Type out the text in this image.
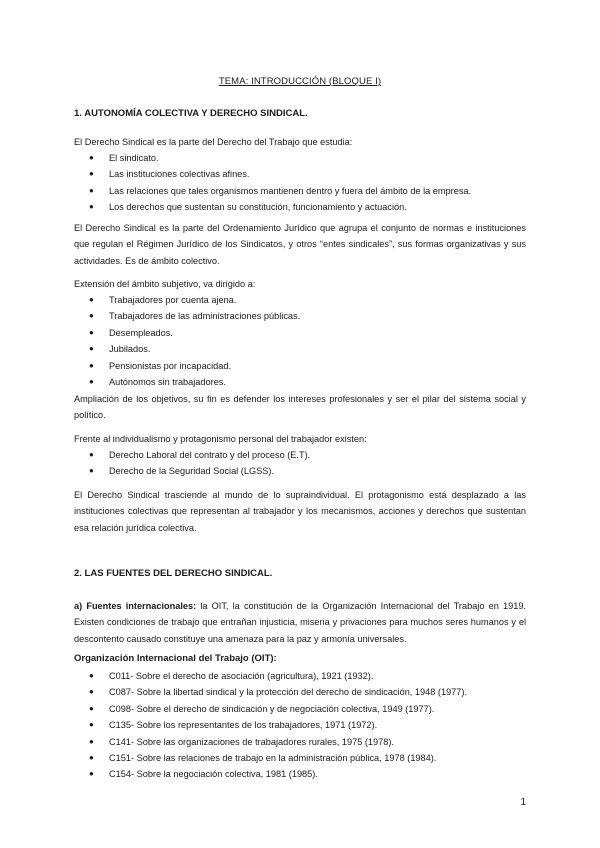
TEMA: INTRODUCCIÓN (BLOQUE I)
1. AUTONOMÍA COLECTIVA Y DERECHO SINDICAL.

El Derecho Sindical es la parte del Derecho del Trabajo que estudia:

● El sindicato.
● Las instituciones colectivas afines.
● Las relaciones que tales organismos mantienen dentro y fuera del ámbito de la empresa.
● Los derechos que sustentan su constitución, funcionamiento y actuación.

El Derecho Sindical es la parte del Ordenamiento Jurídico que agrupa el conjunto de normas e instituciones que regulan el Régimen Jurídico de los Sindicatos, y otros “entes sindicales”, sus formas organizativas y sus actividades. Es de ámbito colectivo.

Extensión del ámbito subjetivo, va dirigido a:

● Trabajadores por cuenta ajena.
● Trabajadores de las administraciones públicas.
● Desempleados.
● Jubilados.
● Pensionistas por incapacidad.
● Autónomos sin trabajadores.

Ampliación de los objetivos, su fin es defender los intereses profesionales y ser el pilar del sistema social y político.

Frente al individualismo y protagonismo personal del trabajador existen:

● Derecho Laboral del contrato y del proceso (E.T).
● Derecho de la Seguridad Social (LGSS).

El Derecho Sindical trasciende al mundo de lo supraindividual. El protagonismo está desplazado a las instituciones colectivas que representan al trabajador y los mecanismos, acciones y derechos que sustentan esa relación jurídica colectiva.

2. LAS FUENTES DEL DERECHO SINDICAL.

a) Fuentes internacionales: la OIT, la constitución de la Organización Internacional del Trabajo en 1919. Existen condiciones de trabajo que entrañan injusticia, miseria y privaciones para muchos seres humanos y el descontento causado constituye una amenaza para la paz y armonía universales.

Organización Internacional del Trabajo (OIT):
● C011- Sobre el derecho de asociación (agricultura), 1921 (1932).
● C087- Sobre la libertad sindical y la protección del derecho de sindicación, 1948 (1977).
● C098- Sobre el derecho de sindicación y de negociación colectiva, 1949 (1977).
● C135- Sobre los representantes de los trabajadores, 1971 (1972).
● C141- Sobre las organizaciones de trabajadores rurales, 1975 (1978).
● C151- Sobre las relaciones de trabajo en la administración pública, 1978 (1984).
● C154- Sobre la negociación colectiva, 1981 (1985).
1
